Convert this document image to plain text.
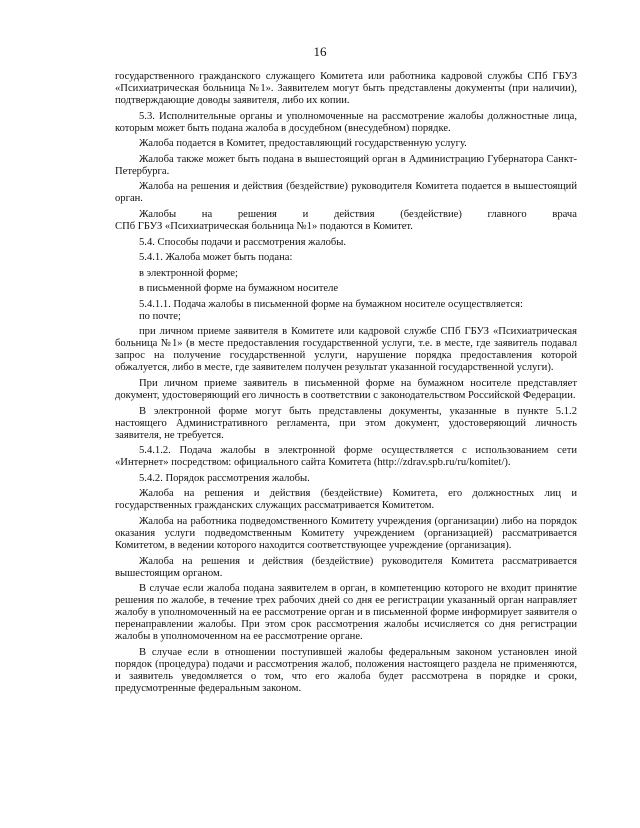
16

государственного гражданского служащего Комитета или работника кадровой службы СПб ГБУЗ «Психиатрическая больница №1». Заявителем могут быть представлены документы (при наличии), подтверждающие доводы заявителя, либо их копии.

5.3. Исполнительные органы и уполномоченные на рассмотрение жалобы должностные лица, которым может быть подана жалоба в досудебном (внесудебном) порядке.

Жалоба подается в Комитет, предоставляющий государственную услугу.

Жалоба также может быть подана в вышестоящий орган в Администрацию Губернатора Санкт-Петербурга.

Жалоба на решения и действия (бездействие) руководителя Комитета подается в вышестоящий орган.

Жалобы на решения и действия (бездействие) главного врача

СПб ГБУЗ «Психиатрическая больница №1» подаются в Комитет.

5.4. Способы подачи и рассмотрения жалобы.

5.4.1. Жалоба может быть подана:

в электронной форме;

в письменной форме на бумажном носителе

5.4.1.1. Подача жалобы в письменной форме на бумажном носителе осуществляется:

по почте;

при личном приеме заявителя в Комитете или кадровой службе СПб ГБУЗ «Психиатрическая больница №1» (в месте предоставления государственной услуги, т.е. в месте, где заявитель подавал запрос на получение государственной услуги, нарушение порядка предоставления которой обжалуется, либо в месте, где заявителем получен результат указанной государственной услуги).

При личном приеме заявитель в письменной форме на бумажном носителе представляет документ, удостоверяющий его личность в соответствии с законодательством Российской Федерации.

В электронной форме могут быть представлены документы, указанные в пункте 5.1.2 настоящего Административного регламента, при этом документ, удостоверяющий личность заявителя, не требуется.

5.4.1.2. Подача жалобы в электронной форме осуществляется с использованием сети «Интернет» посредством: официального сайта Комитета (http://zdrav.spb.ru/ru/komitet/).

5.4.2. Порядок рассмотрения жалобы.

Жалоба на решения и действия (бездействие) Комитета, его должностных лиц и государственных гражданских служащих рассматривается Комитетом.

Жалоба на работника подведомственного Комитету учреждения (организации) либо на порядок оказания услуги подведомственным Комитету учреждением (организацией) рассматривается Комитетом, в ведении которого находится соответствующее учреждение (организация).

Жалоба на решения и действия (бездействие) руководителя Комитета рассматривается вышестоящим органом.

В случае если жалоба подана заявителем в орган, в компетенцию которого не входит принятие решения по жалобе, в течение трех рабочих дней со дня ее регистрации указанный орган направляет жалобу в уполномоченный на ее рассмотрение орган и в письменной форме информирует заявителя о перенаправлении жалобы. При этом срок рассмотрения жалобы исчисляется со дня регистрации жалобы в уполномоченном на ее рассмотрение органе.

В случае если в отношении поступившей жалобы федеральным законом установлен иной порядок (процедура) подачи и рассмотрения жалоб, положения настоящего раздела не применяются, и заявитель уведомляется о том, что его жалоба будет рассмотрена в порядке и сроки, предусмотренные федеральным законом.
